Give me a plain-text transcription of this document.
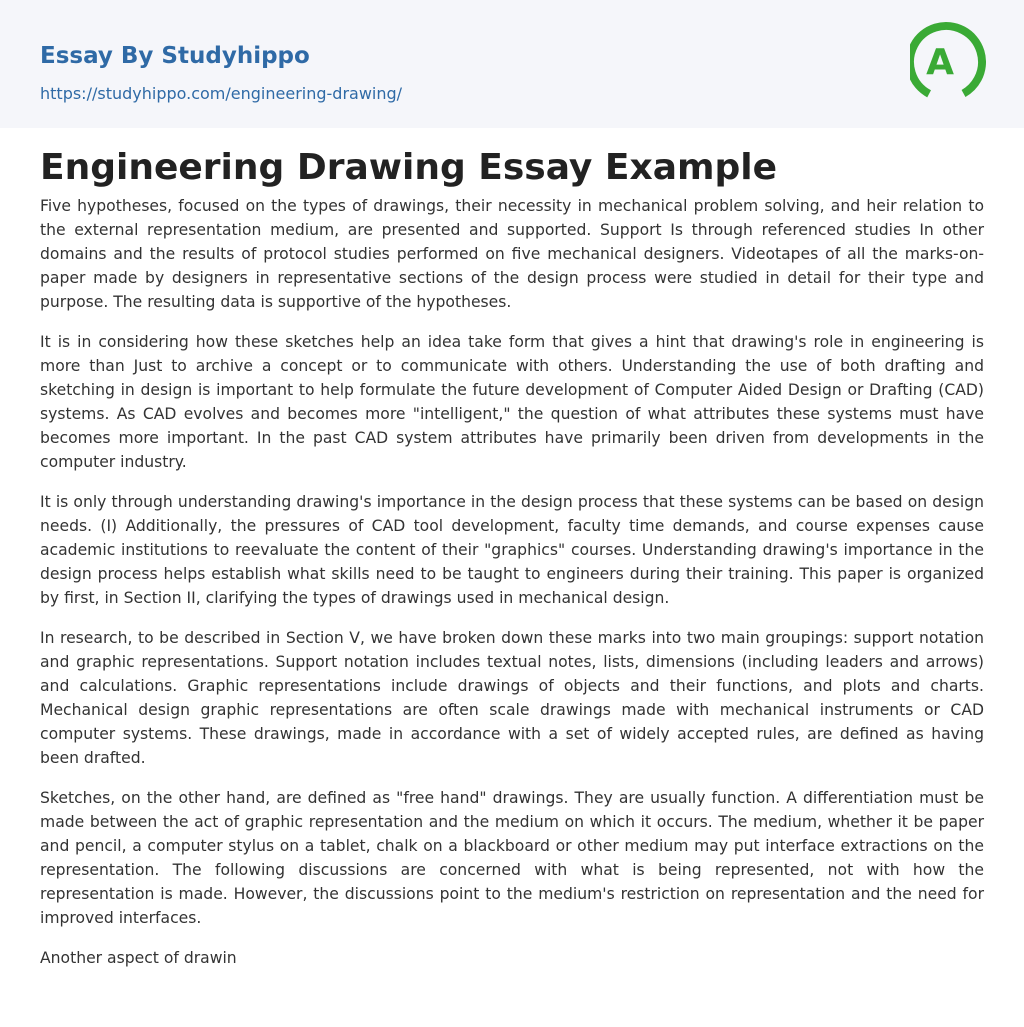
Essay By Studyhippo
https://studyhippo.com/engineering-drawing/
A
Engineering Drawing Essay Example

Five hypotheses, focused on the types of drawings, their necessity in mechanical problem solving, and heir relation to the external representation medium, are presented and supported. Support Is through referenced studies In other domains and the results of protocol studies performed on five mechanical designers. Videotapes of all the marks-on- paper made by designers in representative sections of the design process were studied in detail for their type and purpose. The resulting data is supportive of the hypotheses.

It is in considering how these sketches help an idea take form that gives a hint that drawing's role in engineering is more than Just to archive a concept or to communicate with others. Understanding the use of both drafting and sketching in design is important to help formulate the future development of Computer Aided Design or Drafting (CAD) systems. As CAD evolves and becomes more "intelligent," the question of what attributes these systems must have becomes more important. In the past CAD system attributes have primarily been driven from developments in the computer industry.

It is only through understanding drawing's importance in the design process that these systems can be based on design needs. (I) Additionally, the pressures of CAD tool development, faculty time demands, and course expenses cause academic institutions to reevaluate the content of their "graphics" courses. Understanding drawing's importance in the design process helps establish what skills need to be taught to engineers during their training. This paper is organized by first, in Section II, clarifying the types of drawings used in mechanical design.

In research, to be described in Section V, we have broken down these marks into two main groupings: support notation and graphic representations. Support notation includes textual notes, lists, dimensions (including leaders and arrows) and calculations. Graphic representations include drawings of objects and their functions, and plots and charts. Mechanical design graphic representations are often scale drawings made with mechanical instruments or CAD computer systems. These drawings, made in accordance with a set of widely accepted rules, are defined as having been drafted.

Sketches, on the other hand, are defined as "free hand" drawings. They are usually function. A differentiation must be made between the act of graphic representation and the medium on which it occurs. The medium, whether it be paper and pencil, a computer stylus on a tablet, chalk on a blackboard or other medium may put interface extractions on the representation. The following discussions are concerned with what is being represented, not with how the representation is made. However, the discussions point to the medium's restriction on representation and the need for improved interfaces.

Another aspect of drawin
